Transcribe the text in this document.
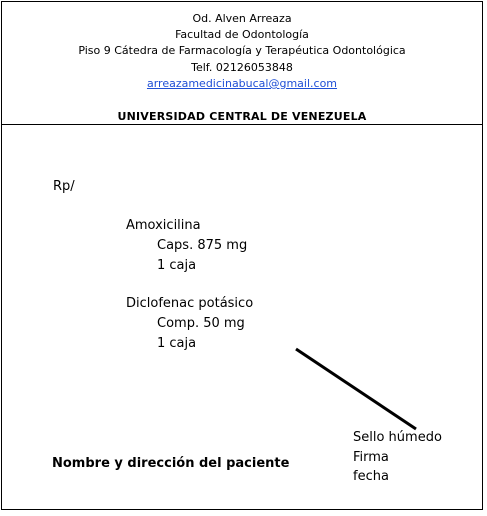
Od. Alven Arreaza
Facultad de Odontología
Piso 9 Cátedra de Farmacología y Terapéutica Odontológica
Telf. 02126053848
arreazamedicinabucal@gmail.com
UNIVERSIDAD CENTRAL DE VENEZUELA
Rp/
Amoxicilina
Caps. 875 mg
1 caja
Diclofenac potásico
Comp. 50 mg
1 caja
Sello húmedo
Firma
fecha
Nombre y dirección del paciente
